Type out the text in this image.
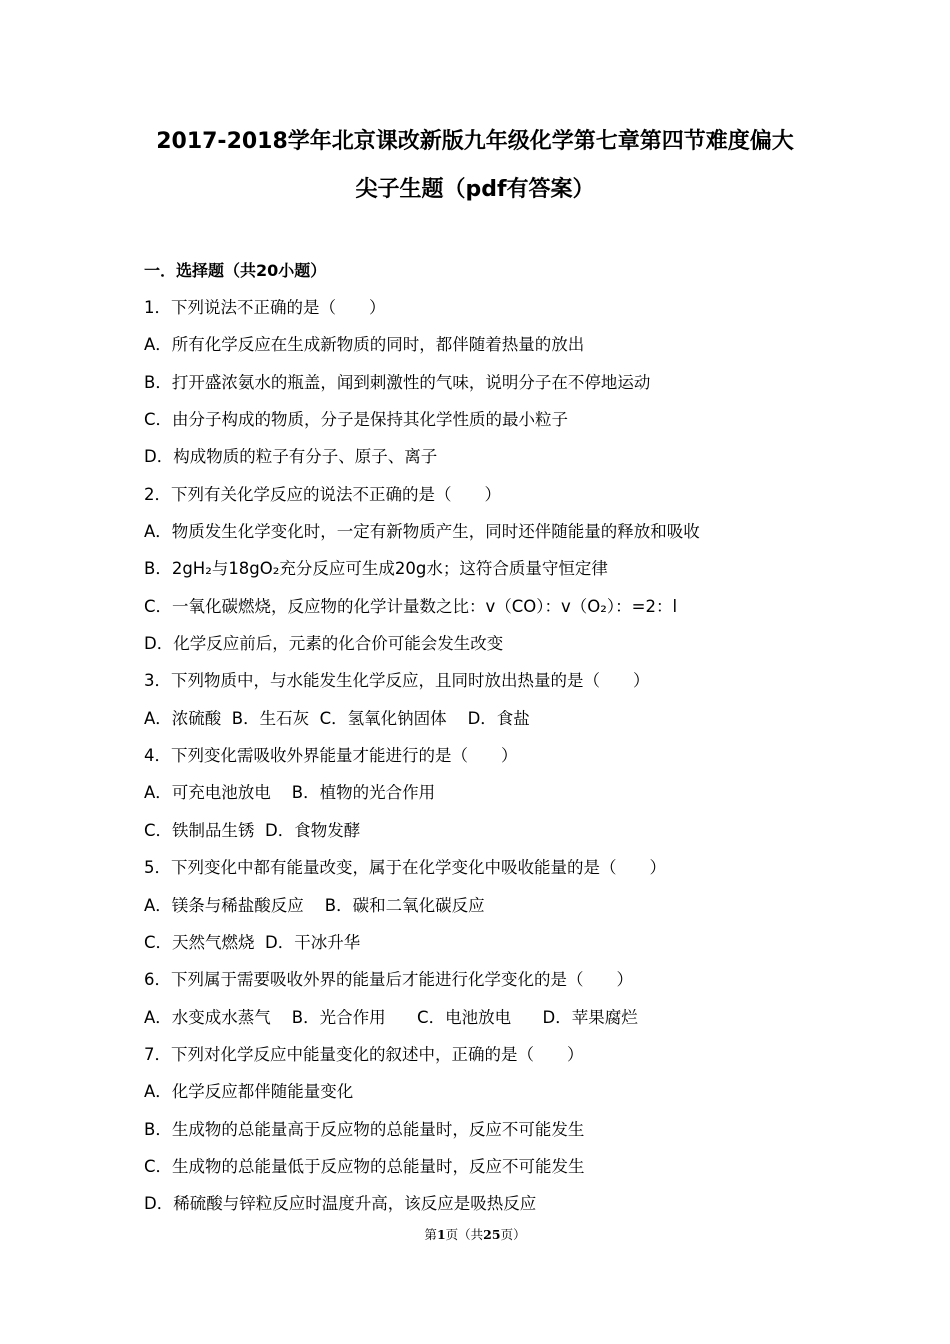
2017-2018学年北京课改新版九年级化学第七章第四节难度偏大
尖子生题（pdf有答案）
一．选择题（共20小题）
1．下列说法不正确的是（　　）
A．所有化学反应在生成新物质的同时，都伴随着热量的放出
B．打开盛浓氨水的瓶盖，闻到刺激性的气味，说明分子在不停地运动
C．由分子构成的物质，分子是保持其化学性质的最小粒子
D．构成物质的粒子有分子、原子、离子
2．下列有关化学反应的说法不正确的是（　　）
A．物质发生化学变化时，一定有新物质产生，同时还伴随能量的释放和吸收
B．2gH₂与18gO₂充分反应可生成20g水；这符合质量守恒定律
C．一氧化碳燃烧，反应物的化学计量数之比：v（CO）：v（O₂）：=2：l
D．化学反应前后，元素的化合价可能会发生改变
3．下列物质中，与水能发生化学反应，且同时放出热量的是（　　）
A．浓硫酸  B．生石灰  C．氢氧化钠固体    D．食盐
4．下列变化需吸收外界能量才能进行的是（　　）
A．可充电池放电    B．植物的光合作用
C．铁制品生锈  D．食物发酵
5．下列变化中都有能量改变，属于在化学变化中吸收能量的是（　　）
A．镁条与稀盐酸反应    B．碳和二氧化碳反应
C．天然气燃烧  D．干冰升华
6．下列属于需要吸收外界的能量后才能进行化学变化的是（　　）
A．水变成水蒸气    B．光合作用      C．电池放电      D．苹果腐烂
7．下列对化学反应中能量变化的叙述中，正确的是（　　）
A．化学反应都伴随能量变化
B．生成物的总能量高于反应物的总能量时，反应不可能发生
C．生成物的总能量低于反应物的总能量时，反应不可能发生
D．稀硫酸与锌粒反应时温度升高，该反应是吸热反应
第1页（共25页）
